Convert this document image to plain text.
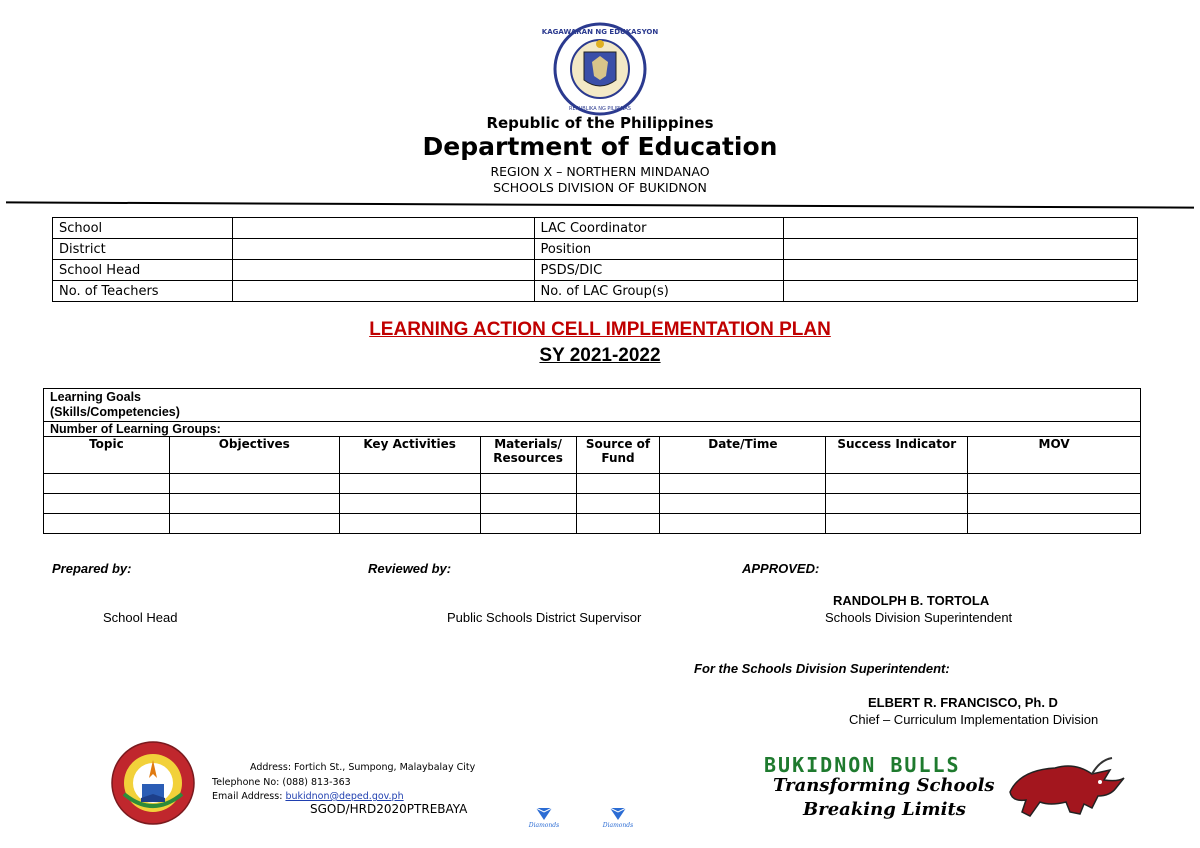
KAGAWARAN NG EDUKASYON
REPUBLIKA NG PILIPINAS
Republic of the Philippines
Department of Education
REGION X – NORTHERN MINDANAO
SCHOOLS DIVISION OF BUKIDNON
School		LAC Coordinator	
District		Position	
School Head		PSDS/DIC	
No. of Teachers		No. of LAC Group(s)	
LEARNING ACTION CELL IMPLEMENTATION PLAN
SY 2021-2022
Learning Goals
(Skills/Competencies)							

Number of Learning Groups:							
Topic	Objectives	Key Activities	Materials/ Resources	Source of Fund	Date/Time	Success Indicator	MOV

Prepared by:	Reviewed by:	APPROVED:
School Head	Public Schools District Supervisor
RANDOLPH B. TORTOLA
Schools Division Superintendent
For the Schools Division Superintendent:
ELBERT R. FRANCISCO, Ph. D
Chief – Curriculum Implementation Division
Address: Fortich St., Sumpong, Malaybalay City
Telephone No: (088) 813-363
Email Address: bukidnon@deped.gov.ph
SGOD/HRD2020PTREBAYA
Diamonds	Diamonds
BUKIDNON BULLS
Transforming Schools
Breaking Limits
